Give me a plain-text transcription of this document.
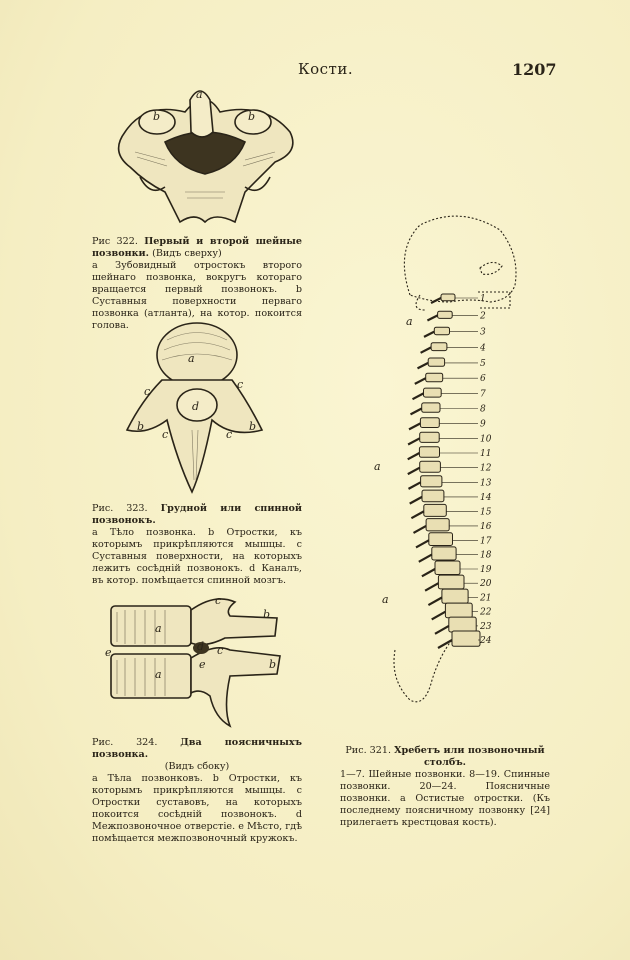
Кости.	1207
a
b	b
Рис 322. Первый и второй шейные позвонки. (Видъ сверху)
a Зубовидный отростокъ второго шейнаго позвонка, вокругъ котораго вращается первый позвонокъ. b Суставныя поверхности перваго позвонка (атланта), на котор. покоится голова.
a
d
c
c
b	b
c	c
Рис. 323. Грудной или спинной позвонокъ.
a Тѣло позвонка. b Отростки, къ которымъ прикрѣпляются мышцы. c Суставныя поверхности, на которыхъ лежитъ сосѣдній позвонокъ. d Каналъ, въ котор. помѣщается спинной мозгъ.
c
b
a
d c
e
a
b
e
Рис. 324. Два поясничныхъ позвонка.
(Видъ сбоку)
a Тѣла позвонковъ. b Отростки, къ которымъ прикрѣпляются мышцы. c Отростки суставовъ, на которыхъ покоится сосѣдній позвонокъ. d Межпозвоночное отверстіе. e Мѣсто, гдѣ помѣщается межпозвоночный кружокъ.
1
2
3
4
5
6
7
8
9
10
11
12
13
14
15
16
17
18
19
20
21
22
23
24
a
a
a
Рис. 321. Хребетъ или позвоночный столбъ.
1—7. Шейные позвонки. 8—19. Спинные позвонки. 20—24. Поясничные позвонки. a Остистые отростки. (Къ последнему поясничному позвонку [24] прилегаетъ крестцовая кость).
